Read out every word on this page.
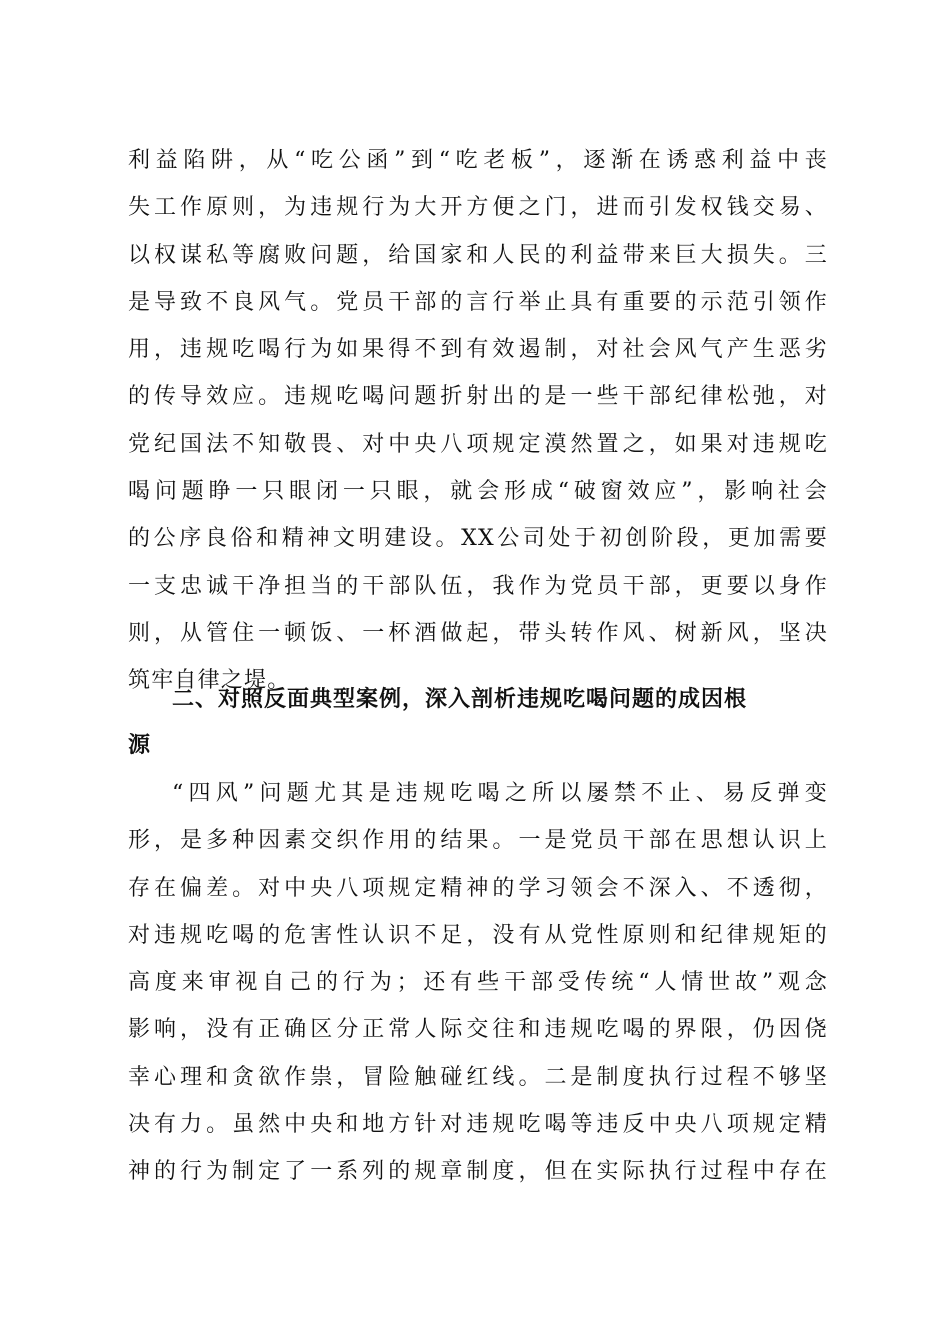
利益陷阱，从“吃公函”到“吃老板”，逐渐在诱惑利益中丧
失工作原则，为违规行为大开方便之门，进而引发权钱交易、
以权谋私等腐败问题，给国家和人民的利益带来巨大损失。三
是导致不良风气。党员干部的言行举止具有重要的示范引领作
用，违规吃喝行为如果得不到有效遏制，对社会风气产生恶劣
的传导效应。违规吃喝问题折射出的是一些干部纪律松弛，对
党纪国法不知敬畏、对中央八项规定漠然置之，如果对违规吃
喝问题睁一只眼闭一只眼，就会形成“破窗效应”，影响社会
的公序良俗和精神文明建设。XX公司处于初创阶段，更加需要
一支忠诚干净担当的干部队伍，我作为党员干部，更要以身作
则，从管住一顿饭、一杯酒做起，带头转作风、树新风，坚决
筑牢自律之堤。
二、对照反面典型案例，深入剖析违规吃喝问题的成因根
源
“四风”问题尤其是违规吃喝之所以屡禁不止、易反弹变
形，是多种因素交织作用的结果。一是党员干部在思想认识上
存在偏差。对中央八项规定精神的学习领会不深入、不透彻，
对违规吃喝的危害性认识不足，没有从党性原则和纪律规矩的
高度来审视自己的行为；还有些干部受传统“人情世故”观念
影响，没有正确区分正常人际交往和违规吃喝的界限，仍因侥
幸心理和贪欲作祟，冒险触碰红线。二是制度执行过程不够坚
决有力。虽然中央和地方针对违规吃喝等违反中央八项规定精
神的行为制定了一系列的规章制度，但在实际执行过程中存在
